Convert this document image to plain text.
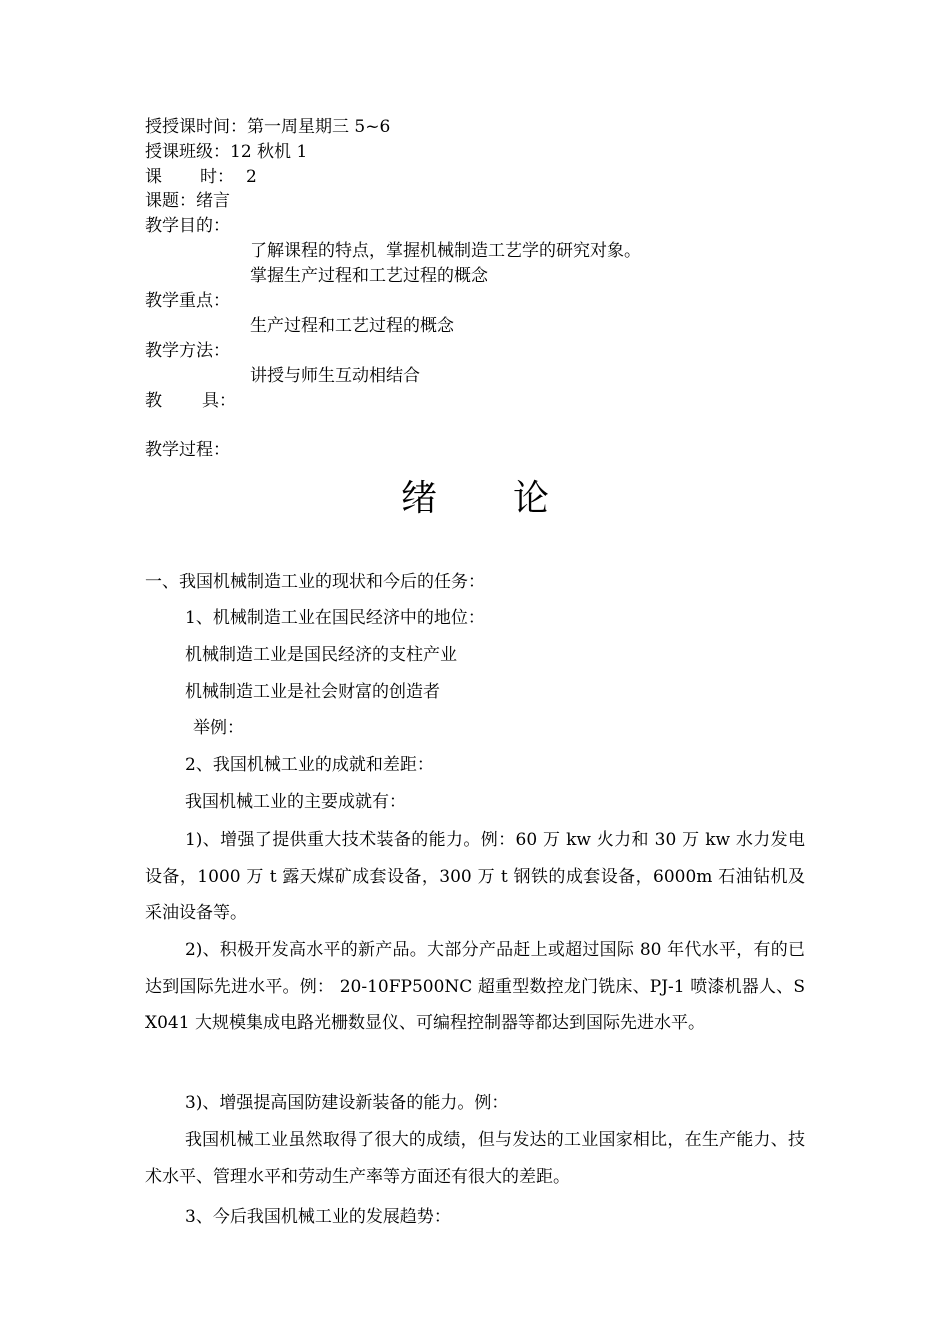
授授课时间：第一周星期三 5~6
授课班级：12 秋机 1
课 时： 2
课题：绪言
教学目的：
了解课程的特点，掌握机械制造工艺学的研究对象。
掌握生产过程和工艺过程的概念
教学重点：
生产过程和工艺过程的概念
教学方法：
讲授与师生互动相结合
教 具：
教学过程：
绪 论
一、我国机械制造工业的现状和今后的任务：
1、机械制造工业在国民经济中的地位：
机械制造工业是国民经济的支柱产业
机械制造工业是社会财富的创造者
举例：
2、我国机械工业的成就和差距：
我国机械工业的主要成就有：
1)、增强了提供重大技术装备的能力。例：60 万 kw 火力和 30 万 kw 水力发电设备，1000 万 t 露天煤矿成套设备，300 万 t 钢铁的成套设备，6000m 石油钻机及采油设备等。
2)、积极开发高水平的新产品。大部分产品赶上或超过国际 80 年代水平，有的已达到国际先进水平。例： 20-10FP500NC 超重型数控龙门铣床、PJ-1 喷漆机器人、SX041 大规模集成电路光栅数显仪、可编程控制器等都达到国际先进水平。
3)、增强提高国防建设新装备的能力。例：
我国机械工业虽然取得了很大的成绩，但与发达的工业国家相比，在生产能力、技术水平、管理水平和劳动生产率等方面还有很大的差距。
3、今后我国机械工业的发展趋势：
